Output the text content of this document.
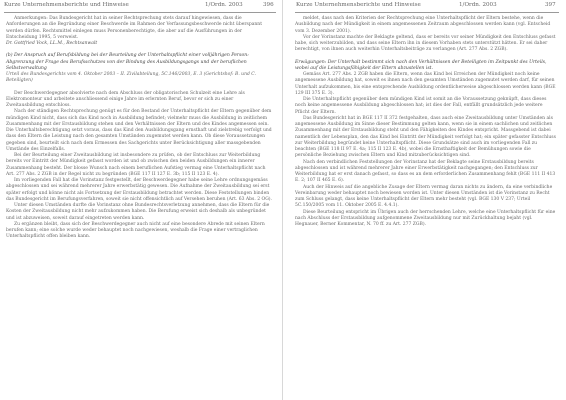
Kurze Unternehmensberichte und Hinweise	1/Ordn. 2003	396

Anmerkungen: Das Bundesgericht hat in seiner Rechtsprechung stets darauf hingewiesen, dass die Anforderungen an die Begründung einer Beschwerde im Rahmen der Verfassungsbeschwerde nicht überspannt werden dürfen. Rechtsmittel einlegen muss Personenberechtigte, die aber auf die Ausführungen in der Entscheidung 1995, 5 verweist.

Dr. Gottfried Vock, LL.M., Rechtsanwalt

(b) Der Anspruch auf Berufsbildung bei der Beurteilung der Unterhaltspflicht einer volljährigen Person: Abgrenzung der Frage des Berufsschutzes von der Bindung des Ausbildungsgangs und der beruflichen Selbstverwaltung

Urteil des Bundesgerichts vom 4. Oktober 2003 – II. Zivilabteilung, 5C.146/2003, E. 3 (Gerichtshof: B. und C. Beteiligten)

Der Beschwerdegegner absolvierte nach dem Abschluss der obligatorischen Schulzeit eine Lehre als Elektromonteur und arbeitete anschliessend einige Jahre im erlernten Beruf, bevor er sich zu einer Zweitausbildung entschloss.

Nach der ständigen Rechtsprechung genügt es für den Bestand der Unterhaltspflicht der Eltern gegenüber dem mündigen Kind nicht, dass sich das Kind noch in Ausbildung befindet; vielmehr muss die Ausbildung in zeitlichem Zusammenhang mit der Erstausbildung stehen und den Verhältnissen der Eltern und des Kindes angemessen sein. Die Unterhaltsberechtigung setzt voraus, dass das Kind den Ausbildungsgang ernsthaft und zielstrebig verfolgt und dass den Eltern die Leistung nach den gesamten Umständen zugemutet werden kann. Ob diese Voraussetzungen gegeben sind, beurteilt sich nach dem Ermessen des Sachgerichts unter Berücksichtigung aller massgebenden Umstände des Einzelfalls.

Bei der Beurteilung einer Zweitausbildung ist insbesondere zu prüfen, ob der Entschluss zur Weiterbildung bereits vor Eintritt der Mündigkeit gefasst worden ist und ob zwischen den beiden Ausbildungen ein innerer Zusammenhang besteht. Der blosse Wunsch nach einem beruflichen Aufstieg vermag eine Unterhaltspflicht nach Art. 277 Abs. 2 ZGB in der Regel nicht zu begründen (BGE 117 II 127 E. 3b; 115 II 123 E. 4).

Im vorliegenden Fall hat die Vorinstanz festgestellt, der Beschwerdegegner habe seine Lehre ordnungsgemäss abgeschlossen und sei während mehrerer Jahre erwerbstätig gewesen. Die Aufnahme der Zweitausbildung sei erst später erfolgt und könne nicht als Fortsetzung der Erstausbildung betrachtet werden. Diese Feststellungen binden das Bundesgericht im Berufungsverfahren, soweit sie nicht offensichtlich auf Versehen beruhen (Art. 63 Abs. 2 OG).

Unter diesen Umständen durfte die Vorinstanz ohne Bundesrechtsverletzung annehmen, dass die Eltern für die Kosten der Zweitausbildung nicht mehr aufzukommen haben. Die Berufung erweist sich deshalb als unbegründet und ist abzuweisen, soweit darauf eingetreten werden kann.

Zu ergänzen bleibt, dass sich der Beschwerdegegner auch nicht auf eine besondere Abrede mit seinen Eltern berufen kann; eine solche wurde weder behauptet noch nachgewiesen, weshalb die Frage einer vertraglichen Unterhaltspflicht offen bleiben kann.

Kurze Unternehmensberichte und Hinweise	1/Ordn. 2003	397

meldet, dass nach den Kriterien der Rechtsprechung eine Unterhaltspflicht der Eltern bestehe, wenn die Ausbildung nach der Mündigkeit in einem angemessenen Zeitraum abgeschlossen werden kann (vgl. Entscheid vom 3. Dezember 2001).

Vor der Vorinstanz machte der Beklagte geltend, dass er bereits vor seiner Mündigkeit den Entschluss gefasst habe, sich weiterzubilden, und dass seine Eltern ihn in diesem Vorhaben stets unterstützt hätten. Er sei daher berechtigt, von ihnen auch weiterhin Unterhaltsbeiträge zu verlangen (Art. 277 Abs. 2 ZGB).

Erwägungen: Der Unterhalt bestimmt sich nach den Verhältnissen der Beteiligten im Zeitpunkt des Urteils, wobei auf die Leistungsfähigkeit der Eltern abzustellen ist.

Gemäss Art. 277 Abs. 2 ZGB haben die Eltern, wenn das Kind bei Erreichen der Mündigkeit noch keine angemessene Ausbildung hat, soweit es ihnen nach den gesamten Umständen zugemutet werden darf, für seinen Unterhalt aufzukommen, bis eine entsprechende Ausbildung ordentlicherweise abgeschlossen werden kann (BGE 129 III 375 E. 3).

Die Unterhaltspflicht gegenüber dem mündigen Kind ist somit an die Voraussetzung geknüpft, dass dieses noch keine angemessene Ausbildung abgeschlossen hat; ist dies der Fall, entfällt grundsätzlich jede weitere Pflicht der Eltern.

Das Bundesgericht hat in BGE 117 II 372 festgehalten, dass auch eine Zweitausbildung unter Umständen als angemessene Ausbildung im Sinne dieser Bestimmung gelten kann, wenn sie in einem sachlichen und zeitlichen Zusammenhang mit der Erstausbildung steht und den Fähigkeiten des Kindes entspricht. Massgebend ist dabei namentlich der Lebensplan, den das Kind bei Eintritt der Mündigkeit verfolgt hat; ein später gefasster Entschluss zur Weiterbildung begründet keine Unterhaltspflicht. Diese Grundsätze sind auch im vorliegenden Fall zu beachten (BGE 118 II 97 E. 4a; 115 II 123 E. 4b), wobei die Ernsthaftigkeit der Bemühungen sowie die persönliche Beziehung zwischen Eltern und Kind mitzuberücksichtigen sind.

Nach den verbindlichen Feststellungen der Vorinstanz hat der Beklagte seine Erstausbildung bereits abgeschlossen und ist während mehrerer Jahre einer Erwerbstätigkeit nachgegangen; den Entschluss zur Weiterbildung hat er erst danach gefasst, so dass es an dem erforderlichen Zusammenhang fehlt (BGE 111 II 413 E. 2; 107 II 465 E. 6).

Auch der Hinweis auf die angebliche Zusage der Eltern vermag daran nichts zu ändern, da eine verbindliche Vereinbarung weder behauptet noch bewiesen worden ist. Unter diesen Umständen ist die Vorinstanz zu Recht zum Schluss gelangt, dass keine Unterhaltspflicht der Eltern mehr besteht (vgl. BGE 130 V 237; Urteil 5C.150/2005 vom 11. Oktober 2005 E. 4.4.1).

Diese Beurteilung entspricht im Übrigen auch der herrschenden Lehre, welche eine Unterhaltspflicht für eine nach Abschluss der Erstausbildung aufgenommene Zweitausbildung nur mit Zurückhaltung bejaht (vgl. Hegnauer, Berner Kommentar, N. 70 ff. zu Art. 277 ZGB).
